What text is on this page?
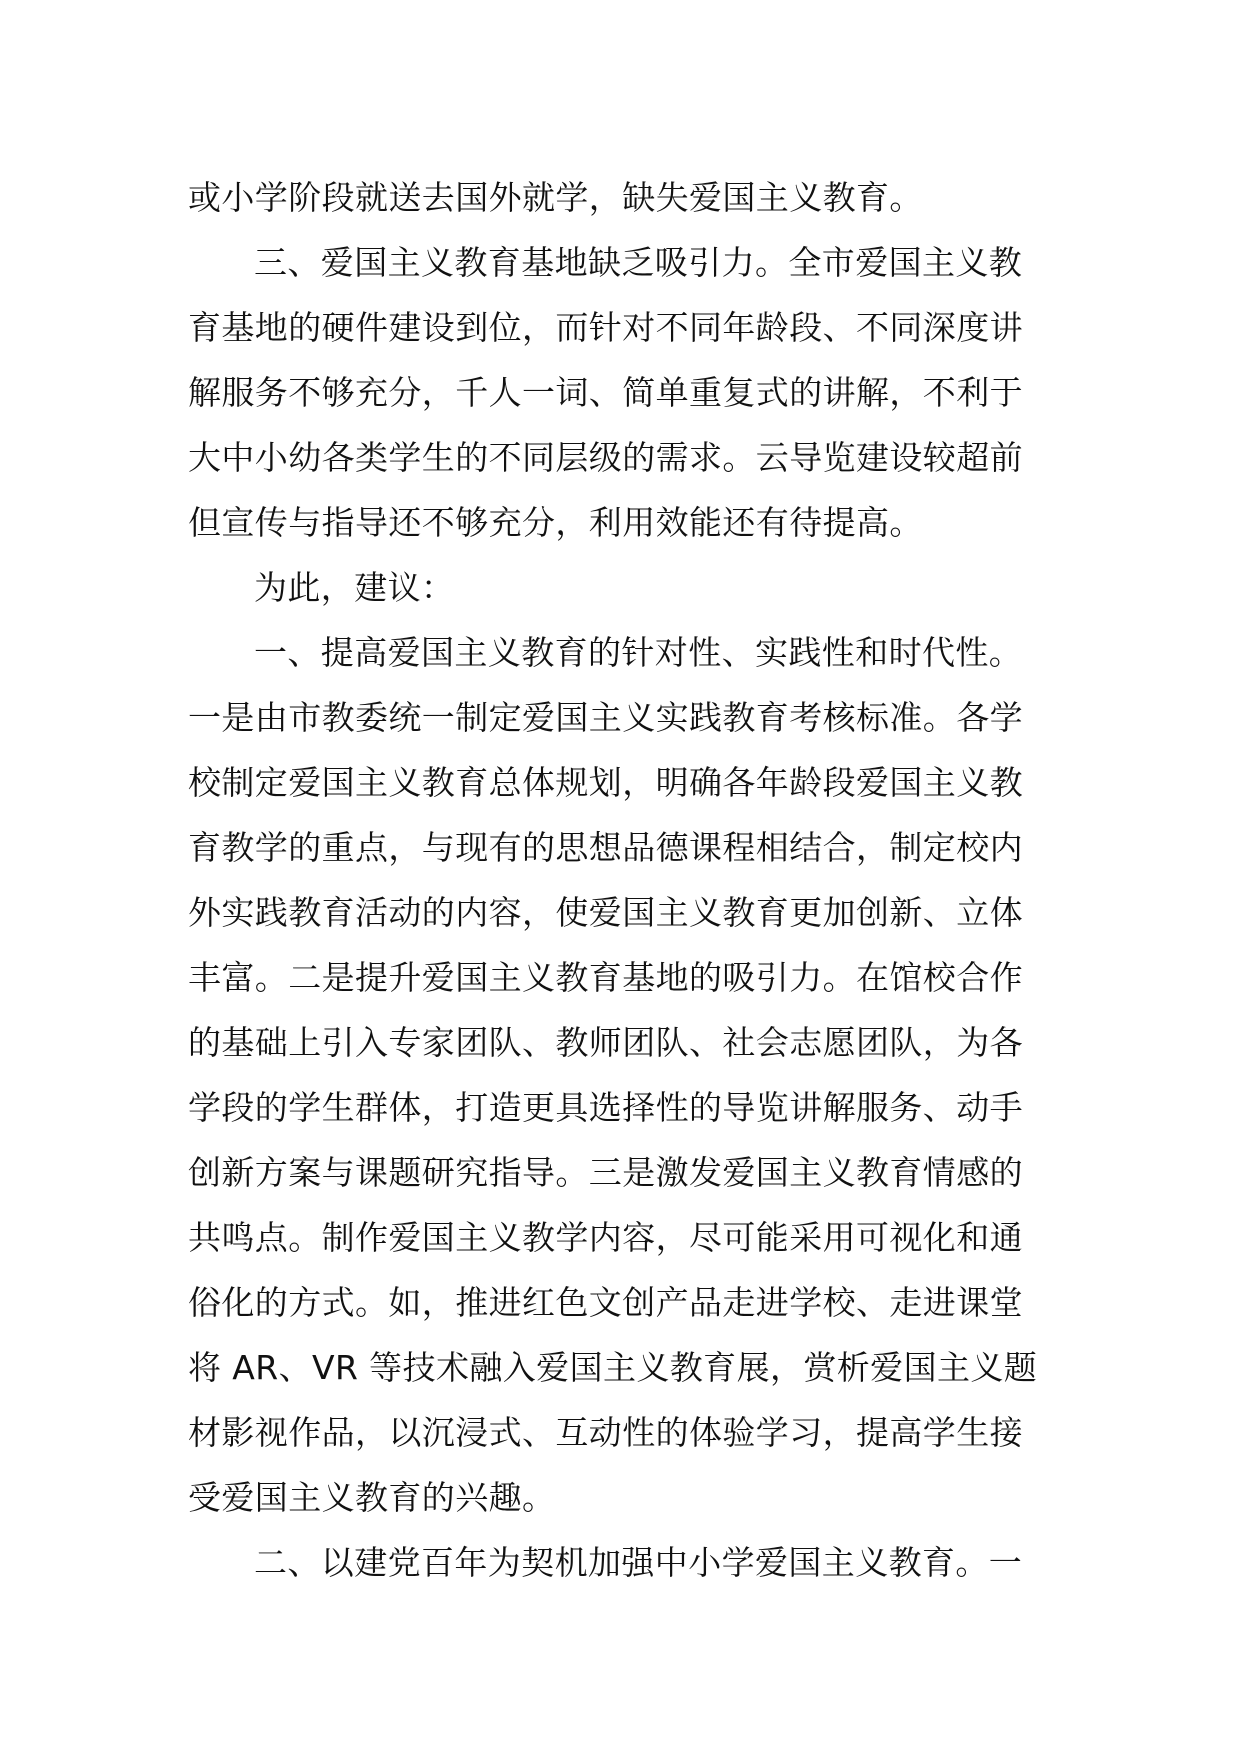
或小学阶段就送去国外就学，缺失爱国主义教育。
三、爱国主义教育基地缺乏吸引力。全市爱国主义教
育基地的硬件建设到位，而针对不同年龄段、不同深度讲
解服务不够充分，千人一词、简单重复式的讲解，不利于
大中小幼各类学生的不同层级的需求。云导览建设较超前
但宣传与指导还不够充分，利用效能还有待提高。
为此，建议：
一、提高爱国主义教育的针对性、实践性和时代性。
一是由市教委统一制定爱国主义实践教育考核标准。各学
校制定爱国主义教育总体规划，明确各年龄段爱国主义教
育教学的重点，与现有的思想品德课程相结合，制定校内
外实践教育活动的内容，使爱国主义教育更加创新、立体
丰富。二是提升爱国主义教育基地的吸引力。在馆校合作
的基础上引入专家团队、教师团队、社会志愿团队，为各
学段的学生群体，打造更具选择性的导览讲解服务、动手
创新方案与课题研究指导。三是激发爱国主义教育情感的
共鸣点。制作爱国主义教学内容，尽可能采用可视化和通
俗化的方式。如，推进红色文创产品走进学校、走进课堂
将 AR、VR 等技术融入爱国主义教育展，赏析爱国主义题
材影视作品，以沉浸式、互动性的体验学习，提高学生接
受爱国主义教育的兴趣。
二、以建党百年为契机加强中小学爱国主义教育。一
